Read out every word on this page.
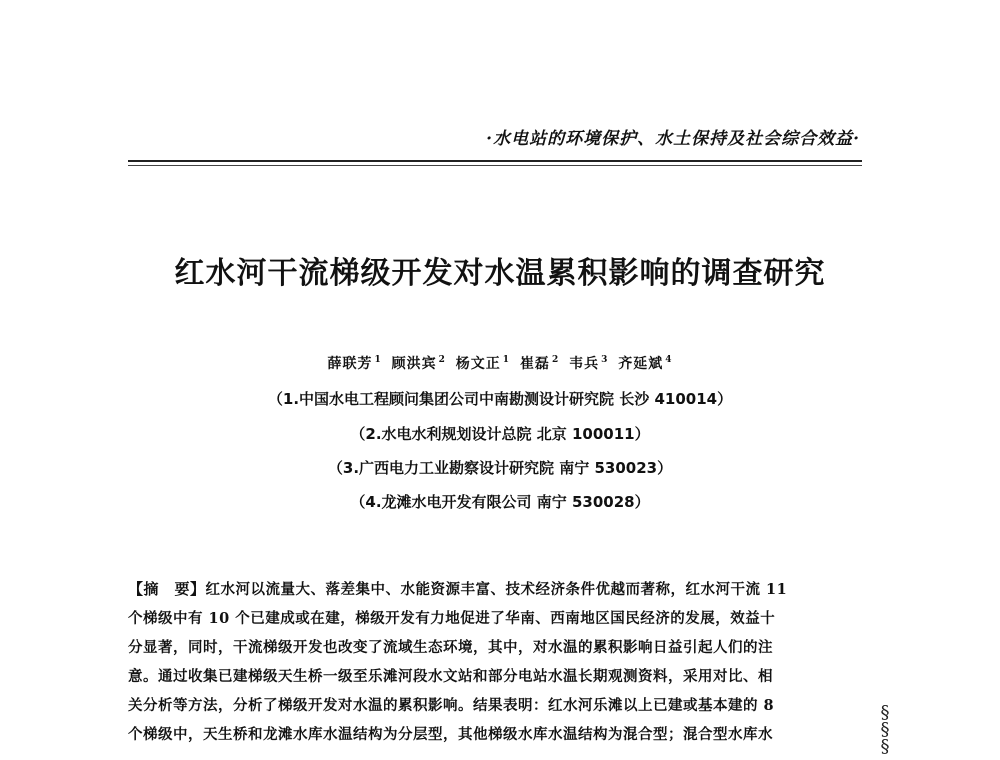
·水电站的环境保护、水土保持及社会综合效益·
红水河干流梯级开发对水温累积影响的调查研究
薛联芳 $^1$ 顾洪宾 $^2$ 杨文正 $^1$ 崔磊 $^2$ 韦兵 $^3$ 齐延斌 $^4$
（1.中国水电工程顾问集团公司中南勘测设计研究院 长沙 410014）
（2.水电水利规划设计总院 北京 100011）
（3.广西电力工业勘察设计研究院 南宁 530023）
（4.龙滩水电开发有限公司 南宁 530028）
【摘　要】红水河以流量大、落差集中、水能资源丰富、技术经济条件优越而著称，红水河干流 11
个梯级中有 10 个已建成或在建，梯级开发有力地促进了华南、西南地区国民经济的发展，效益十
分显著，同时，干流梯级开发也改变了流域生态环境，其中，对水温的累积影响日益引起人们的注
意。通过收集已建梯级天生桥一级至乐滩河段水文站和部分电站水温长期观测资料，采用对比、相
关分析等方法，分析了梯级开发对水温的累积影响。结果表明：红水河乐滩以上已建或基本建的 8
个梯级中，天生桥和龙滩水库水温结构为分层型，其他梯级水库水温结构为混合型；混合型水库水
§
§
§
